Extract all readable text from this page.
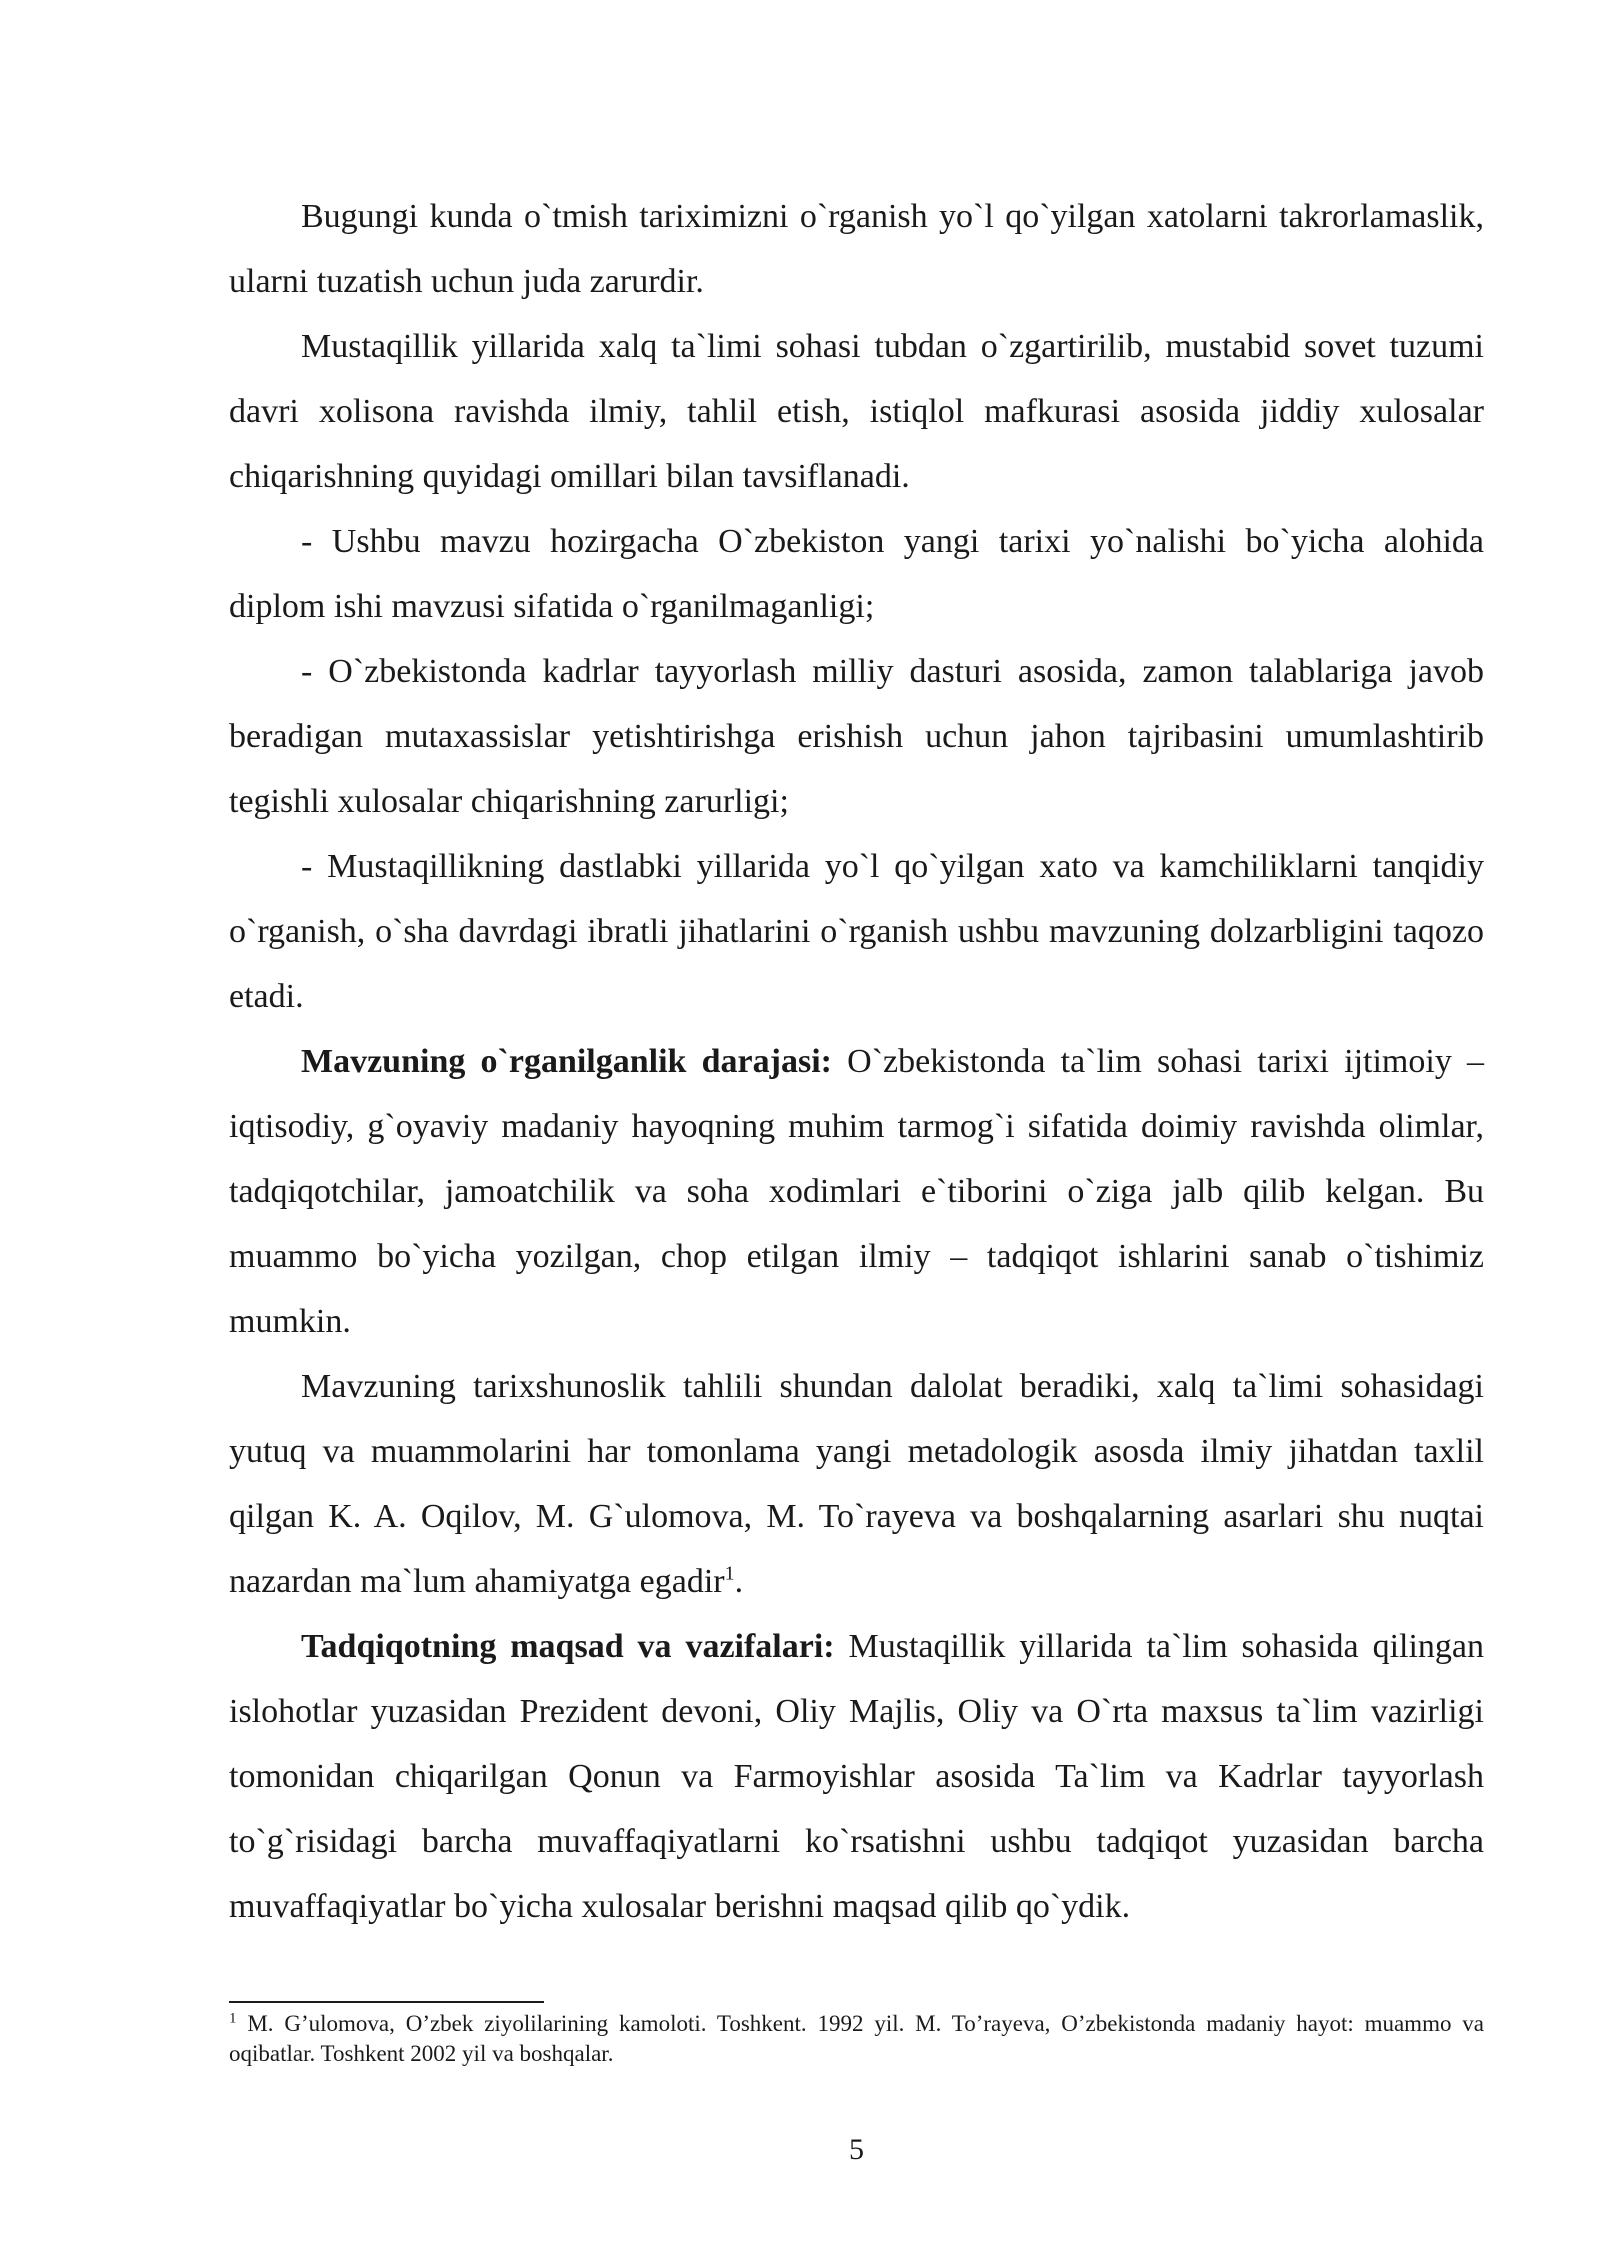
Bugungi kunda o`tmish tariximizni o`rganish yo`l qo`yilgan xatolarni takrorlamaslik, ularni tuzatish uchun juda zarurdir.

Mustaqillik yillarida xalq ta`limi sohasi tubdan o`zgartirilib, mustabid sovet tuzumi davri xolisona ravishda ilmiy, tahlil etish, istiqlol mafkurasi asosida jiddiy xulosalar chiqarishning quyidagi omillari bilan tavsiflanadi.

- Ushbu mavzu hozirgacha O`zbekiston yangi tarixi yo`nalishi bo`yicha alohida diplom ishi mavzusi sifatida o`rganilmaganligi;

- O`zbekistonda kadrlar tayyorlash milliy dasturi asosida, zamon talablariga javob beradigan mutaxassislar yetishtirishga erishish uchun jahon tajribasini umumlashtirib tegishli xulosalar chiqarishning zarurligi;

- Mustaqillikning dastlabki yillarida yo`l qo`yilgan xato va kamchiliklarni tanqidiy o`rganish, o`sha davrdagi ibratli jihatlarini o`rganish ushbu mavzuning dolzarbligini taqozo etadi.

Mavzuning o`rganilganlik darajasi: O`zbekistonda ta`lim sohasi tarixi ijtimoiy – iqtisodiy, g`oyaviy madaniy hayoqning muhim tarmog`i sifatida doimiy ravishda olimlar, tadqiqotchilar, jamoatchilik va soha xodimlari e`tiborini o`ziga jalb qilib kelgan. Bu muammo bo`yicha yozilgan, chop etilgan ilmiy – tadqiqot ishlarini sanab o`tishimiz mumkin.

Mavzuning tarixshunoslik tahlili shundan dalolat beradiki, xalq ta`limi sohasidagi yutuq va muammolarini har tomonlama yangi metadologik asosda ilmiy jihatdan taxlil qilgan K. A. Oqilov, M. G`ulomova, M. To`rayeva va boshqalarning asarlari shu nuqtai nazardan ma`lum ahamiyatga egadir$^1$.

Tadqiqotning maqsad va vazifalari: Mustaqillik yillarida ta`lim sohasida qilingan islohotlar yuzasidan Prezident devoni, Oliy Majlis, Oliy va O`rta maxsus ta`lim vazirligi tomonidan chiqarilgan Qonun va Farmoyishlar asosida Ta`lim va Kadrlar tayyorlash to`g`risidagi barcha muvaffaqiyatlarni ko`rsatishni ushbu tadqiqot yuzasidan barcha muvaffaqiyatlar bo`yicha xulosalar berishni maqsad qilib qo`ydik.

$^1$ M. G’ulomova, O’zbek ziyolilarining kamoloti. Toshkent. 1992 yil. M. To’rayeva, O’zbekistonda madaniy hayot: muammo va oqibatlar. Toshkent 2002 yil va boshqalar.
5
